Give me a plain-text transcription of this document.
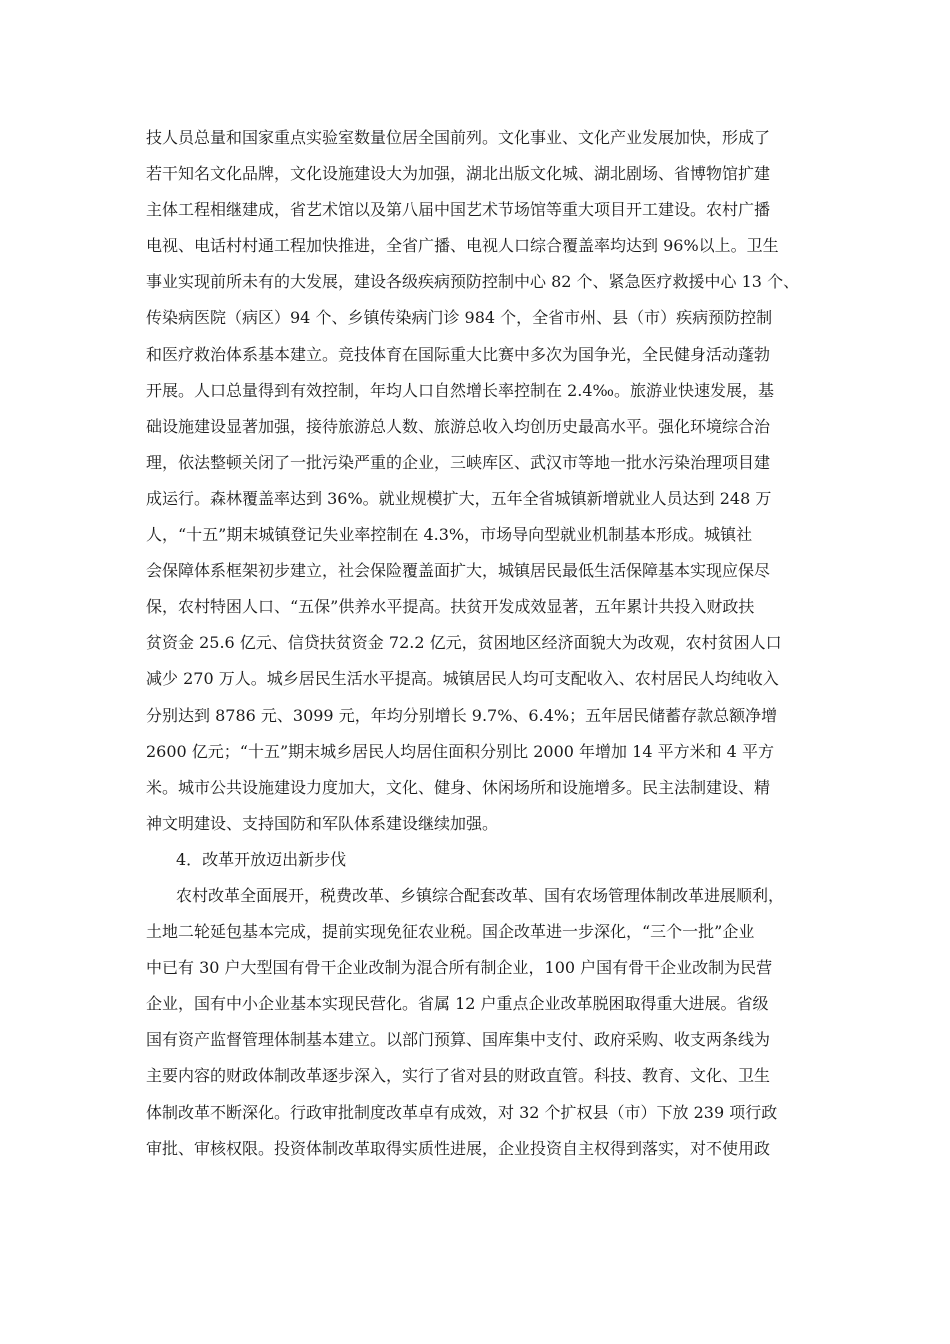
技人员总量和国家重点实验室数量位居全国前列。文化事业、文化产业发展加快，形成了
若干知名文化品牌，文化设施建设大为加强，湖北出版文化城、湖北剧场、省博物馆扩建
主体工程相继建成，省艺术馆以及第八届中国艺术节场馆等重大项目开工建设。农村广播
电视、电话村村通工程加快推进，全省广播、电视人口综合覆盖率均达到 96%以上。卫生
事业实现前所未有的大发展，建设各级疾病预防控制中心 82 个、紧急医疗救援中心 13 个、
传染病医院（病区）94 个、乡镇传染病门诊 984 个，全省市州、县（市）疾病预防控制
和医疗救治体系基本建立。竞技体育在国际重大比赛中多次为国争光，全民健身活动蓬勃
开展。人口总量得到有效控制，年均人口自然增长率控制在 2.4‰。旅游业快速发展，基
础设施建设显著加强，接待旅游总人数、旅游总收入均创历史最高水平。强化环境综合治
理，依法整顿关闭了一批污染严重的企业，三峡库区、武汉市等地一批水污染治理项目建
成运行。森林覆盖率达到 36%。就业规模扩大，五年全省城镇新增就业人员达到 248 万
人，“十五”期末城镇登记失业率控制在 4.3%，市场导向型就业机制基本形成。城镇社
会保障体系框架初步建立，社会保险覆盖面扩大，城镇居民最低生活保障基本实现应保尽
保，农村特困人口、“五保”供养水平提高。扶贫开发成效显著，五年累计共投入财政扶
贫资金 25.6 亿元、信贷扶贫资金 72.2 亿元，贫困地区经济面貌大为改观，农村贫困人口
减少 270 万人。城乡居民生活水平提高。城镇居民人均可支配收入、农村居民人均纯收入
分别达到 8786 元、3099 元，年均分别增长 9.7%、6.4%；五年居民储蓄存款总额净增
2600 亿元；“十五”期末城乡居民人均居住面积分别比 2000 年增加 14 平方米和 4 平方
米。城市公共设施建设力度加大，文化、健身、休闲场所和设施增多。民主法制建设、精
神文明建设、支持国防和军队体系建设继续加强。
4．改革开放迈出新步伐
农村改革全面展开，税费改革、乡镇综合配套改革、国有农场管理体制改革进展顺利，
土地二轮延包基本完成，提前实现免征农业税。国企改革进一步深化，“三个一批”企业
中已有 30 户大型国有骨干企业改制为混合所有制企业，100 户国有骨干企业改制为民营
企业，国有中小企业基本实现民营化。省属 12 户重点企业改革脱困取得重大进展。省级
国有资产监督管理体制基本建立。以部门预算、国库集中支付、政府采购、收支两条线为
主要内容的财政体制改革逐步深入，实行了省对县的财政直管。科技、教育、文化、卫生
体制改革不断深化。行政审批制度改革卓有成效，对 32 个扩权县（市）下放 239 项行政
审批、审核权限。投资体制改革取得实质性进展，企业投资自主权得到落实，对不使用政
